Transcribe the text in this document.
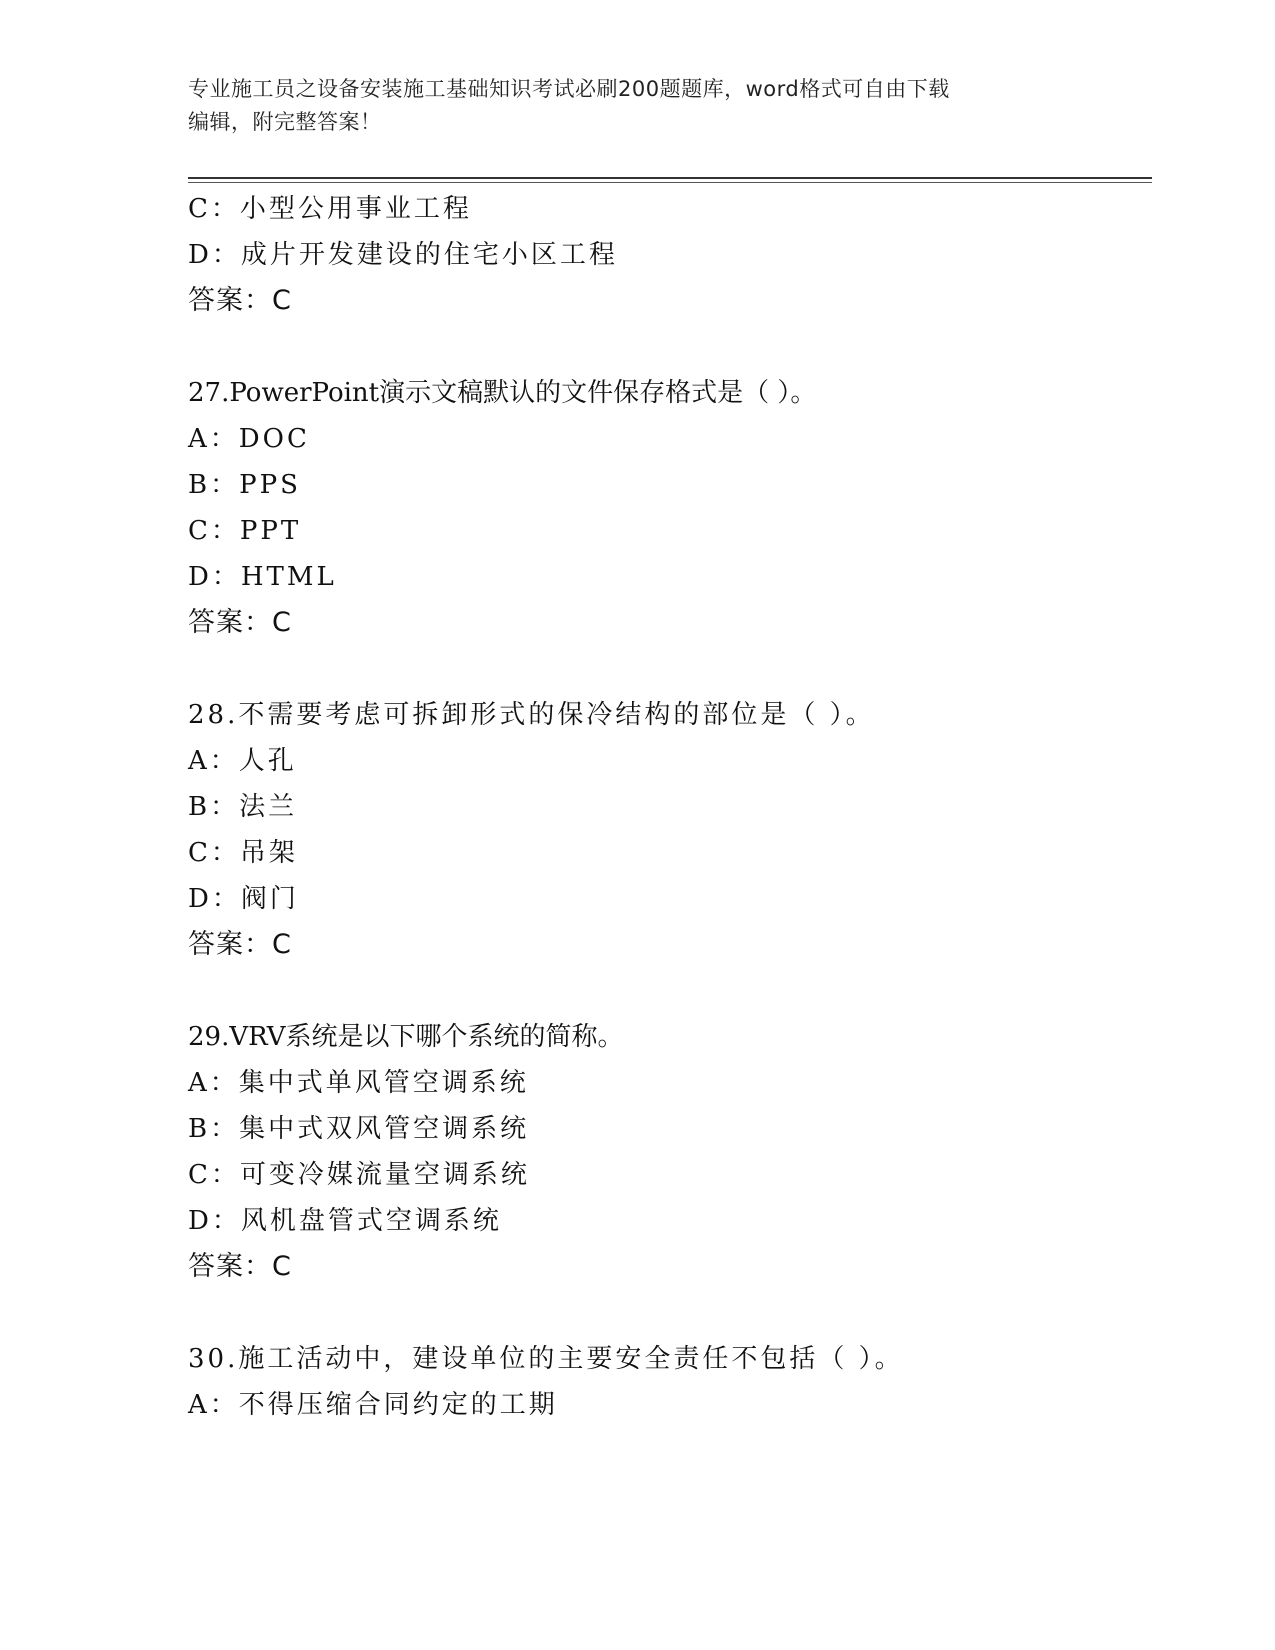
专业施工员之设备安装施工基础知识考试必刷200题题库，word格式可自由下载
编辑，附完整答案！
C：小型公用事业工程
D：成片开发建设的住宅小区工程
答案：C
27.PowerPoint演示文稿默认的文件保存格式是（ ）。
A：DOC
B：PPS
C：PPT
D：HTML
答案：C
28.不需要考虑可拆卸形式的保冷结构的部位是（ ）。
A：人孔
B：法兰
C：吊架
D：阀门
答案：C
29.VRV系统是以下哪个系统的简称。
A：集中式单风管空调系统
B：集中式双风管空调系统
C：可变冷媒流量空调系统
D：风机盘管式空调系统
答案：C
30.施工活动中，建设单位的主要安全责任不包括（ ）。
A：不得压缩合同约定的工期
